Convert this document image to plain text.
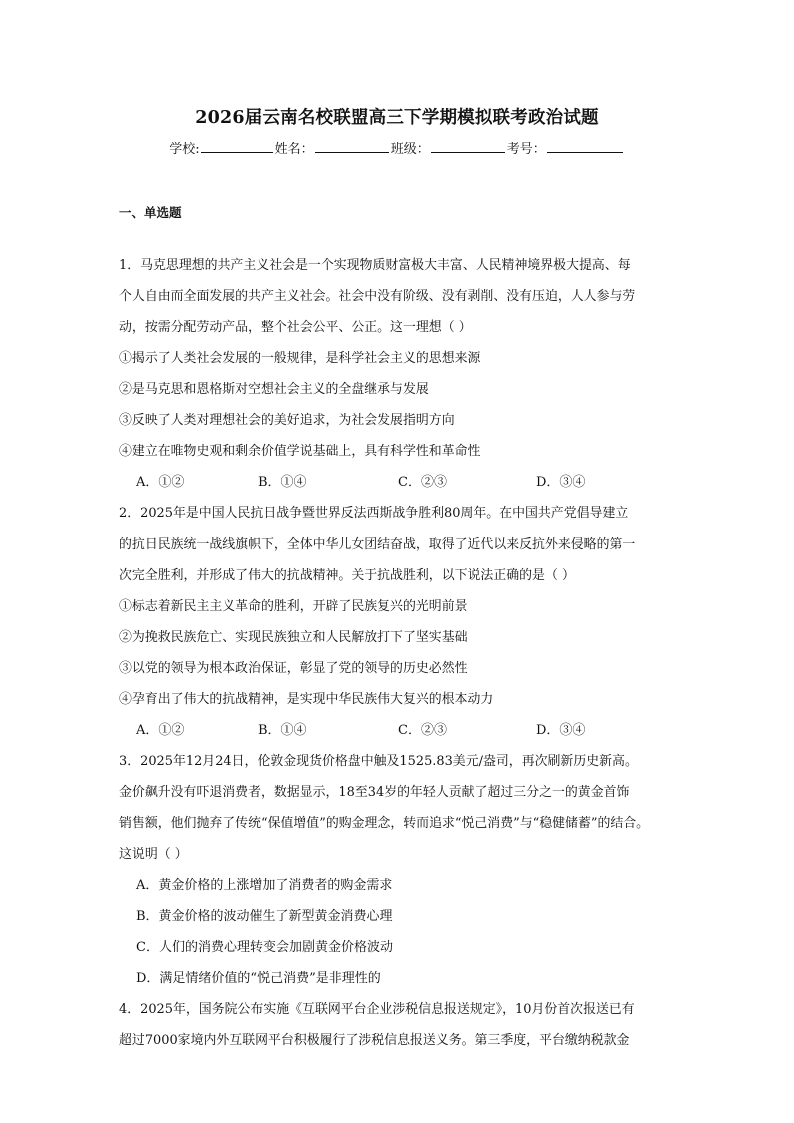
2026届云南名校联盟高三下学期模拟联考政治试题
学校:	姓名：	班级：	考号：
一、单选题
1．马克思理想的共产主义社会是一个实现物质财富极大丰富、人民精神境界极大提高、每
个人自由而全面发展的共产主义社会。社会中没有阶级、没有剥削、没有压迫，人人参与劳
动，按需分配劳动产品，整个社会公平、公正。这一理想（ ）
①揭示了人类社会发展的一般规律，是科学社会主义的思想来源
②是马克思和恩格斯对空想社会主义的全盘继承与发展
③反映了人类对理想社会的美好追求，为社会发展指明方向
④建立在唯物史观和剩余价值学说基础上，具有科学性和革命性
A．①②	B．①④	C．②③	D．③④
2．2025年是中国人民抗日战争暨世界反法西斯战争胜利80周年。在中国共产党倡导建立
的抗日民族统一战线旗帜下，全体中华儿女团结奋战，取得了近代以来反抗外来侵略的第一
次完全胜利，并形成了伟大的抗战精神。关于抗战胜利，以下说法正确的是（ ）
①标志着新民主主义革命的胜利，开辟了民族复兴的光明前景
②为挽救民族危亡、实现民族独立和人民解放打下了坚实基础
③以党的领导为根本政治保证，彰显了党的领导的历史必然性
④孕育出了伟大的抗战精神，是实现中华民族伟大复兴的根本动力
A．①②	B．①④	C．②③	D．③④
3．2025年12月24日，伦敦金现货价格盘中触及1525.83美元/盎司，再次刷新历史新高。
金价飙升没有吓退消费者，数据显示，18至34岁的年轻人贡献了超过三分之一的黄金首饰
销售额，他们抛弃了传统“保值增值”的购金理念，转而追求“悦己消费”与“稳健储蓄”的结合。
这说明（ ）
A．黄金价格的上涨增加了消费者的购金需求
B．黄金价格的波动催生了新型黄金消费心理
C．人们的消费心理转变会加剧黄金价格波动
D．满足情绪价值的“悦己消费”是非理性的
4．2025年，国务院公布实施《互联网平台企业涉税信息报送规定》，10月份首次报送已有
超过7000家境内外互联网平台积极履行了涉税信息报送义务。第三季度，平台缴纳税款金
